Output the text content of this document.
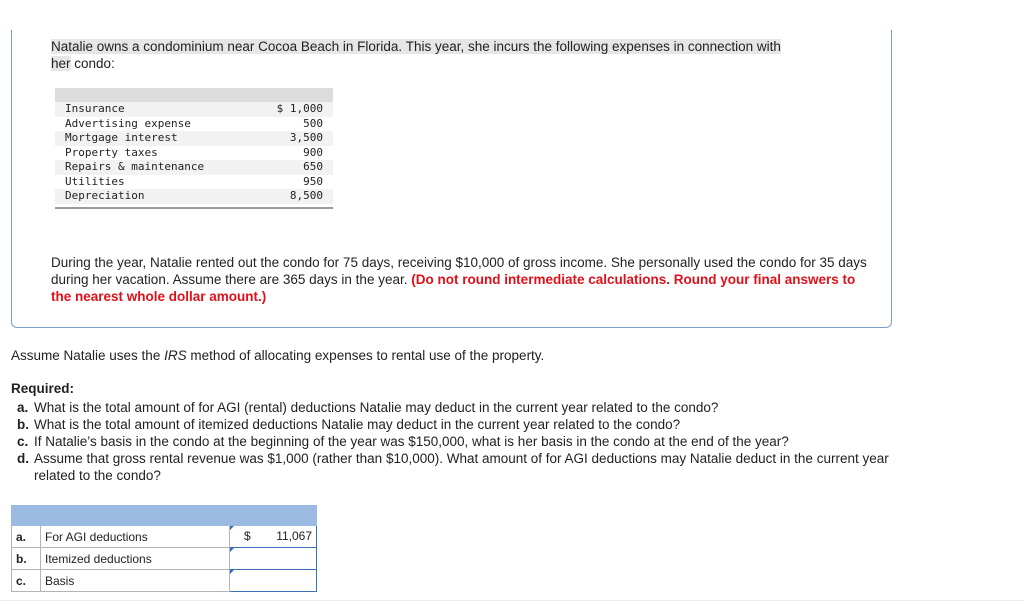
Natalie owns a condominium near Cocoa Beach in Florida. This year, she incurs the following expenses in connection with
her condo:

Insurance	$ 1,000
Advertising expense	500
Mortgage interest	3,500
Property taxes	900
Repairs & maintenance	650
Utilities	950
Depreciation	8,500

During the year, Natalie rented out the condo for 75 days, receiving $10,000 of gross income. She personally used the condo for 35 days during her vacation. Assume there are 365 days in the year. (Do not round intermediate calculations. Round your final answers to the nearest whole dollar amount.)
Assume Natalie uses the IRS method of allocating expenses to rental use of the property.
Required:
a. What is the total amount of for AGI (rental) deductions Natalie may deduct in the current year related to the condo?
b. What is the total amount of itemized deductions Natalie may deduct in the current year related to the condo?
c. If Natalie’s basis in the condo at the beginning of the year was $150,000, what is her basis in the condo at the end of the year?
d. Assume that gross rental revenue was $1,000 (rather than $10,000). What amount of for AGI deductions may Natalie deduct in the current year related to the condo?

a.	For AGI deductions	$ 11,067

b.	Itemized deductions	

c.	Basis	
